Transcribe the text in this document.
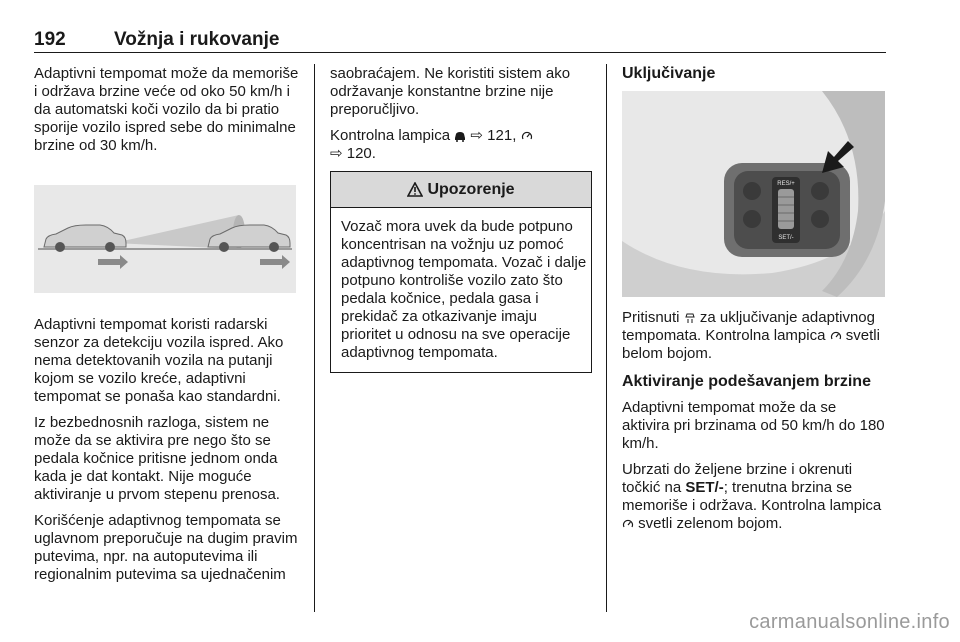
192	Vožnja i rukovanje

Adaptivni tempomat može da memoriše i održava brzine veće od oko 50 km/h i da automatski koči vozilo da bi pratio sporije vozilo ispred sebe do minimalne brzine od 30 km/h.

Adaptivni tempomat koristi radarski senzor za detekciju vozila ispred. Ako nema detektovanih vozila na putanji kojom se vozilo kreće, adaptivni tempomat se ponaša kao standardni.

Iz bezbednosnih razloga, sistem ne može da se aktivira pre nego što se pedala kočnice pritisne jednom onda kada je dat kontakt. Nije moguće aktiviranje u prvom stepenu prenosa.

Korišćenje adaptivnog tempomata se uglavnom preporučuje na dugim pravim putevima, npr. na autoputevima ili regionalnim putevima sa ujednačenim

saobraćajem. Ne koristiti sistem ako održavanje konstantne brzine nije preporučljivo.

Kontrolna lampica ⇨ 121,
⇨ 120.

Upozorenje
Vozač mora uvek da bude potpuno koncentrisan na vožnju uz pomoć adaptivnog tempomata. Vozač i dalje potpuno kontroliše vozilo zato što pedala kočnice, pedala gasa i prekidač za otkazivanje imaju prioritet u odnosu na sve operacije adaptivnog tempomata.
Uključivanje
RES/+
SET/-

Pritisnuti za uključivanje adaptivnog tempomata. Kontrolna lampica svetli belom bojom.

Aktiviranje podešavanjem brzine

Adaptivni tempomat može da se aktivira pri brzinama od 50 km/h do 180 km/h.

Ubrzati do željene brzine i okrenuti točkić na SET/-; trenutna brzina se memoriše i održava. Kontrolna lampica  svetli zelenom bojom.

carmanualsonline.info
